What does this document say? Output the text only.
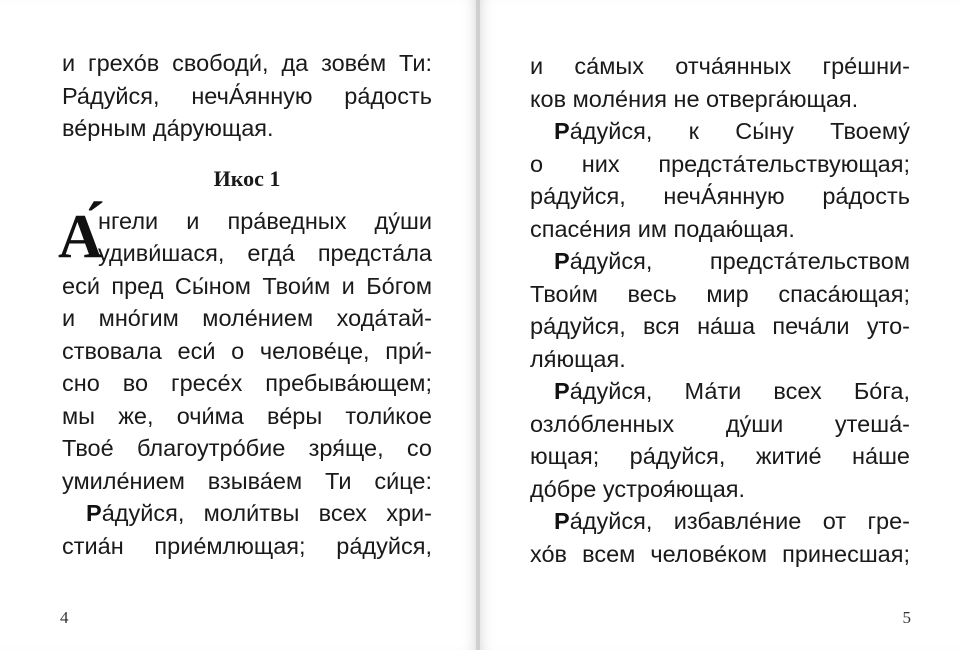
и грехо́в свободи́, да зове́м Ти:
Ра́дуйся, нечА́янную ра́дость
ве́рным да́рующая.
Икос 1
А́
нгели и пра́ведных ду́ши
удиви́шася, егда́ предста́ла
еси́ пред Сы́ном Твои́м и Бо́гом
и мно́гим моле́нием хода́тай-
ствовала еси́ о челове́це, при́-
сно во гресе́х пребыва́ющем;
мы же, очи́ма ве́ры толи́кое
Твое́ благоутро́бие зря́ще, со
умиле́нием взыва́ем Ти си́це:
Ра́дуйся, моли́твы всех хри-
стиа́н прие́млющая; ра́дуйся,
4
и са́мых отча́янных гре́шни-
ков моле́ния не отверга́ющая.
Ра́дуйся, к Сы́ну Твоему́
о них предста́тельствующая;
ра́дуйся, нечА́янную ра́дость
спасе́ния им подаю́щая.
Ра́дуйся, предста́тельством
Твои́м весь мир спаса́ющая;
ра́дуйся, вся на́ша печа́ли уто-
ля́ющая.
Ра́дуйся, Ма́ти всех Бо́га,
озло́бленных ду́ши утеша́-
ющая; ра́дуйся, житие́ на́ше
до́бре устроя́ющая.
Ра́дуйся, избавле́ние от гре-
хо́в всем челове́ком принесшая;
5
